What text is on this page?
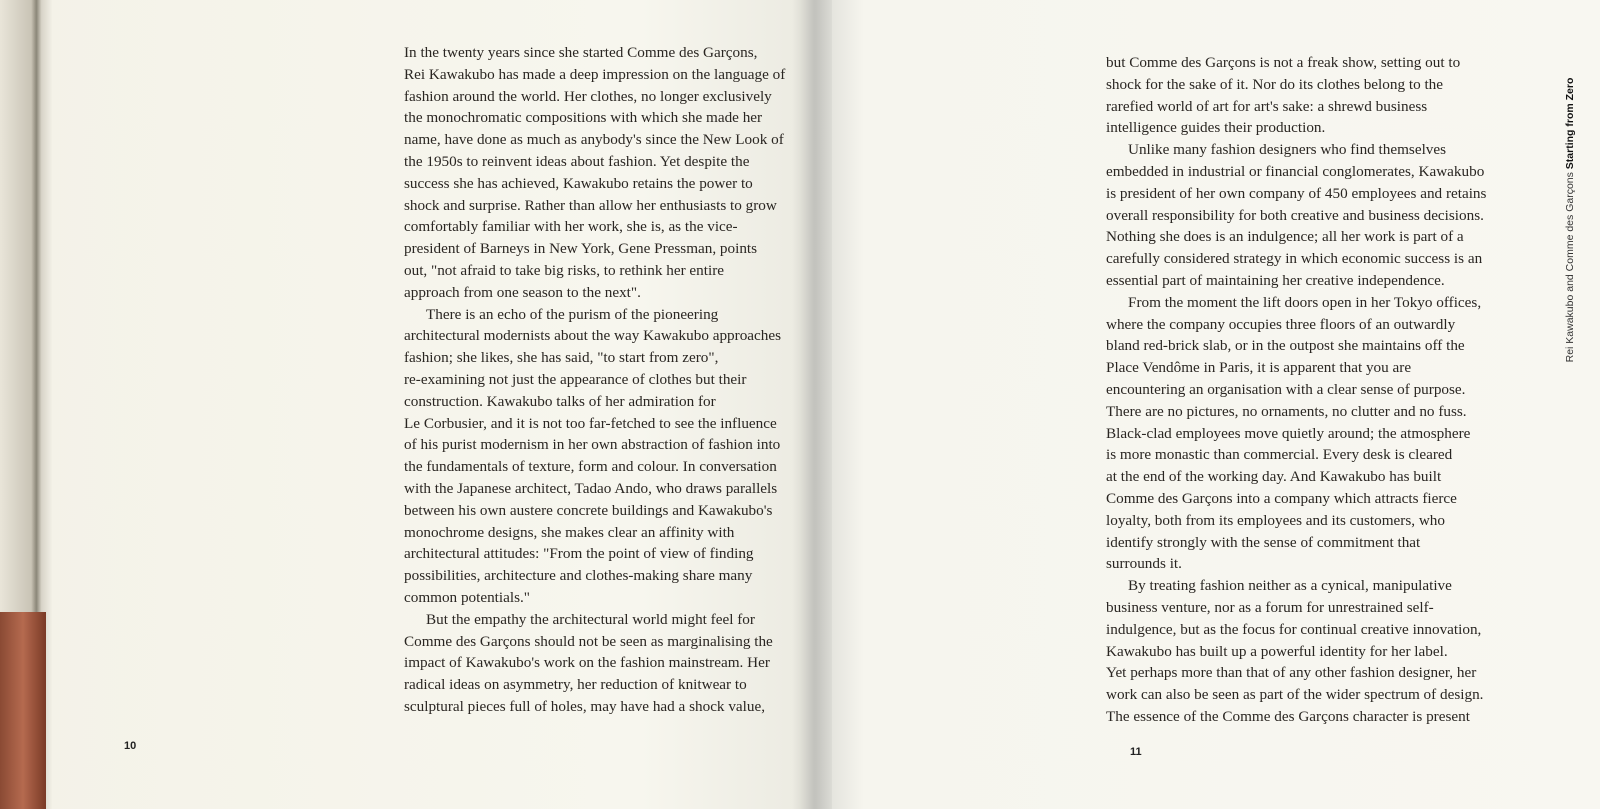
In the twenty years since she started Comme des Garçons,
Rei Kawakubo has made a deep impression on the language of
fashion around the world. Her clothes, no longer exclusively
the monochromatic compositions with which she made her
name, have done as much as anybody's since the New Look of
the 1950s to reinvent ideas about fashion. Yet despite the
success she has achieved, Kawakubo retains the power to
shock and surprise. Rather than allow her enthusiasts to grow
comfortably familiar with her work, she is, as the vice-
president of Barneys in New York, Gene Pressman, points
out, "not afraid to take big risks, to rethink her entire
approach from one season to the next".
There is an echo of the purism of the pioneering
architectural modernists about the way Kawakubo approaches
fashion; she likes, she has said, "to start from zero",
re-examining not just the appearance of clothes but their
construction. Kawakubo talks of her admiration for
Le Corbusier, and it is not too far-fetched to see the influence
of his purist modernism in her own abstraction of fashion into
the fundamentals of texture, form and colour. In conversation
with the Japanese architect, Tadao Ando, who draws parallels
between his own austere concrete buildings and Kawakubo's
monochrome designs, she makes clear an affinity with
architectural attitudes: "From the point of view of finding
possibilities, architecture and clothes-making share many
common potentials."
But the empathy the architectural world might feel for
Comme des Garçons should not be seen as marginalising the
impact of Kawakubo's work on the fashion mainstream. Her
radical ideas on asymmetry, her reduction of knitwear to
sculptural pieces full of holes, may have had a shock value,
10
but Comme des Garçons is not a freak show, setting out to
shock for the sake of it. Nor do its clothes belong to the
rarefied world of art for art's sake: a shrewd business
intelligence guides their production.
Unlike many fashion designers who find themselves
embedded in industrial or financial conglomerates, Kawakubo
is president of her own company of 450 employees and retains
overall responsibility for both creative and business decisions.
Nothing she does is an indulgence; all her work is part of a
carefully considered strategy in which economic success is an
essential part of maintaining her creative independence.
From the moment the lift doors open in her Tokyo offices,
where the company occupies three floors of an outwardly
bland red-brick slab, or in the outpost she maintains off the
Place Vendôme in Paris, it is apparent that you are
encountering an organisation with a clear sense of purpose.
There are no pictures, no ornaments, no clutter and no fuss.
Black-clad employees move quietly around; the atmosphere
is more monastic than commercial. Every desk is cleared
at the end of the working day. And Kawakubo has built
Comme des Garçons into a company which attracts fierce
loyalty, both from its employees and its customers, who
identify strongly with the sense of commitment that
surrounds it.
By treating fashion neither as a cynical, manipulative
business venture, nor as a forum for unrestrained self-
indulgence, but as the focus for continual creative innovation,
Kawakubo has built up a powerful identity for her label.
Yet perhaps more than that of any other fashion designer, her
work can also be seen as part of the wider spectrum of design.
The essence of the Comme des Garçons character is present
11
Rei Kawakubo and Comme des Garçons Starting from Zero
